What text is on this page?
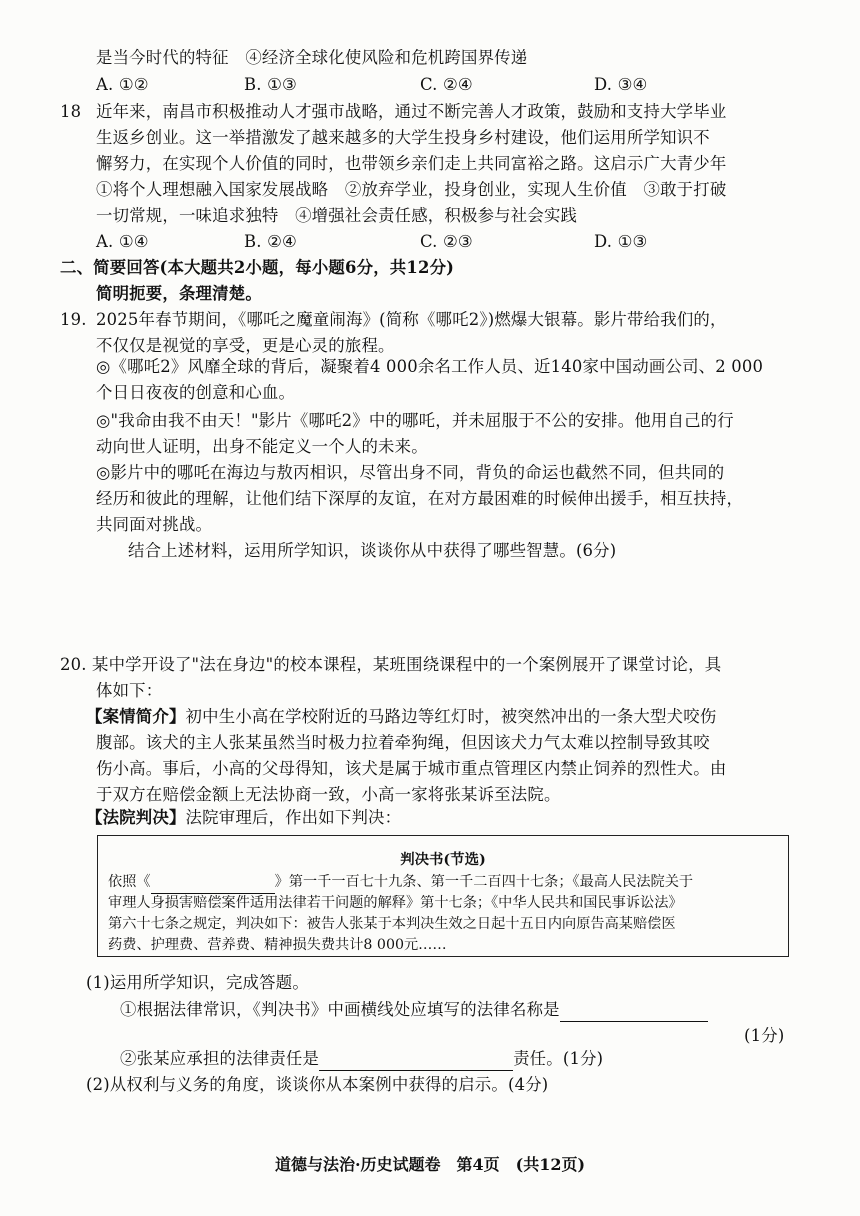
是当今时代的特征　④经济全球化使风险和危机跨国界传递
A. ①②	B. ①③	C. ②④	D. ③④
18 近年来，南昌市积极推动人才强市战略，通过不断完善人才政策，鼓励和支持大学毕业
生返乡创业。这一举措激发了越来越多的大学生投身乡村建设，他们运用所学知识不
懈努力，在实现个人价值的同时，也带领乡亲们走上共同富裕之路。这启示广大青少年
①将个人理想融入国家发展战略　②放弃学业，投身创业，实现人生价值　③敢于打破
一切常规，一味追求独特　④增强社会责任感，积极参与社会实践
A. ①④	B. ②④	C. ②③	D. ①③
二、简要回答(本大题共2小题，每小题6分，共12分)
简明扼要，条理清楚。
19. 2025年春节期间，《哪吒之魔童闹海》(简称《哪吒2》)燃爆大银幕。影片带给我们的，
不仅仅是视觉的享受，更是心灵的旅程。
◎《哪吒2》风靡全球的背后，凝聚着4 000余名工作人员、近140家中国动画公司、2 000
个日日夜夜的创意和心血。
◎"我命由我不由天！"影片《哪吒2》中的哪吒，并未屈服于不公的安排。他用自己的行
动向世人证明，出身不能定义一个人的未来。
◎影片中的哪吒在海边与敖丙相识，尽管出身不同，背负的命运也截然不同，但共同的
经历和彼此的理解，让他们结下深厚的友谊，在对方最困难的时候伸出援手，相互扶持，
共同面对挑战。
结合上述材料，运用所学知识，谈谈你从中获得了哪些智慧。(6分)
20. 某中学开设了"法在身边"的校本课程，某班围绕课程中的一个案例展开了课堂讨论，具
体如下：
【案情简介】初中生小高在学校附近的马路边等红灯时，被突然冲出的一条大型犬咬伤
腹部。该犬的主人张某虽然当时极力拉着牵狗绳，但因该犬力气太难以控制导致其咬
伤小高。事后，小高的父母得知，该犬是属于城市重点管理区内禁止饲养的烈性犬。由
于双方在赔偿金额上无法协商一致，小高一家将张某诉至法院。
【法院判决】法院审理后，作出如下判决：
判决书(节选)
依照《	》第一千一百七十九条、第一千二百四十七条；《最高人民法院关于
审理人身损害赔偿案件适用法律若干问题的解释》第十七条；《中华人民共和国民事诉讼法》
第六十七条之规定，判决如下：被告人张某于本判决生效之日起十五日内向原告高某赔偿医
药费、护理费、营养费、精神损失费共计8 000元……
(1)运用所学知识，完成答题。
①根据法律常识，《判决书》中画横线处应填写的法律名称是
(1分)
②张某应承担的法律责任是	责任。(1分)
(2)从权利与义务的角度，谈谈你从本案例中获得的启示。(4分)
道德与法治·历史试题卷　第4页　(共12页)
